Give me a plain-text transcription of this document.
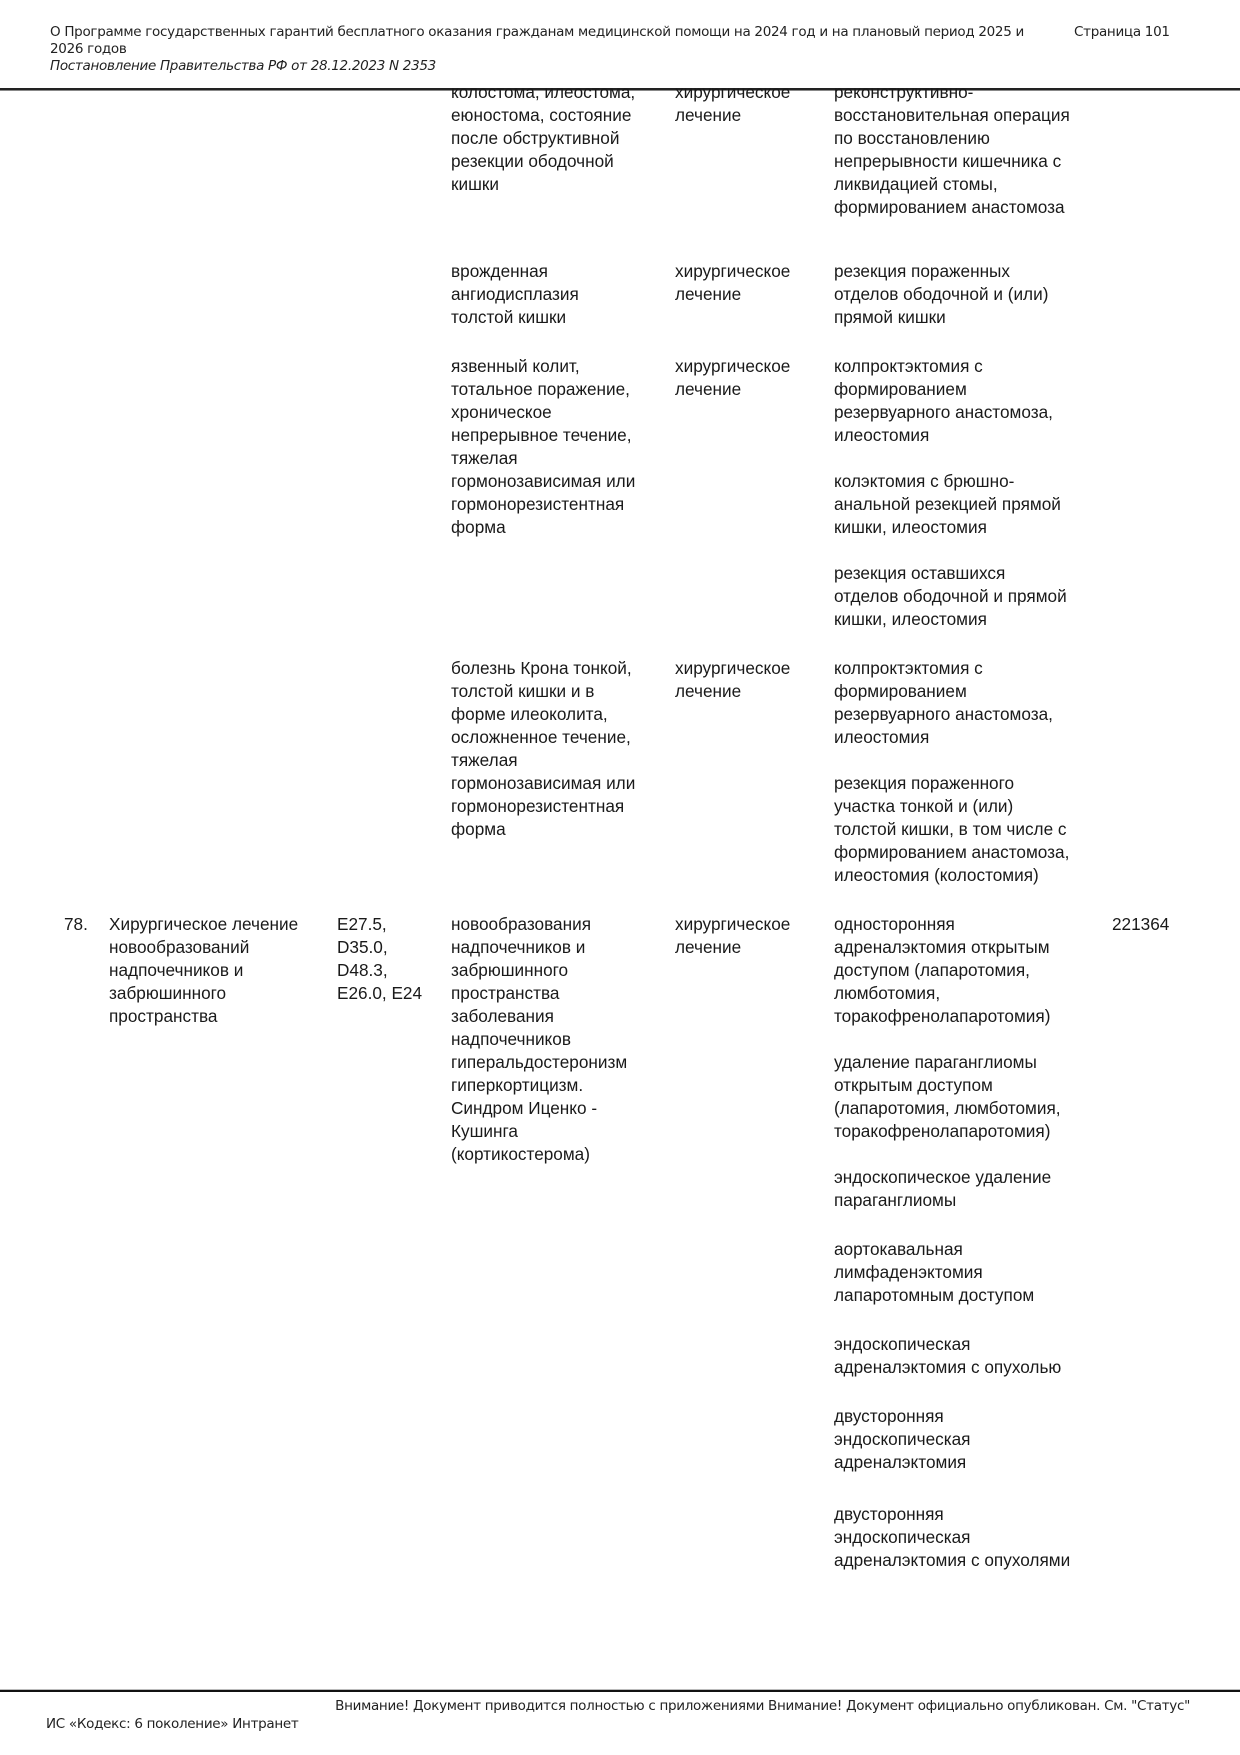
О Программе государственных гарантий бесплатного оказания гражданам медицинской помощи на 2024 год и на плановый период 2025 и 2026 годов
Постановление Правительства РФ от 28.12.2023 N 2353
Страница 101
колостома, илеостома,
еюностома, состояние
после обструктивной
резекции ободочной
кишки
хирургическое
лечение
реконструктивно-
восстановительная операция
по восстановлению
непрерывности кишечника с
ликвидацией стомы,
формированием анастомоза
врожденная
ангиодисплазия
толстой кишки
хирургическое
лечение
резекция пораженных
отделов ободочной и (или)
прямой кишки
язвенный колит,
тотальное поражение,
хроническое
непрерывное течение,
тяжелая
гормонозависимая или
гормонорезистентная
форма
хирургическое
лечение
колпроктэктомия с
формированием
резервуарного анастомоза,
илеостомия
колэктомия с брюшно-
анальной резекцией прямой
кишки, илеостомия
резекция оставшихся
отделов ободочной и прямой
кишки, илеостомия
болезнь Крона тонкой,
толстой кишки и в
форме илеоколита,
осложненное течение,
тяжелая
гормонозависимая или
гормонорезистентная
форма
хирургическое
лечение
колпроктэктомия с
формированием
резервуарного анастомоза,
илеостомия
резекция пораженного
участка тонкой и (или)
толстой кишки, в том числе с
формированием анастомоза,
илеостомия (колостомия)
78.	Хирургическое лечение
новообразований
надпочечников и
забрюшинного
пространства
E27.5,
D35.0,
D48.3,
E26.0, E24
новообразования
надпочечников и
забрюшинного
пространства
заболевания
надпочечников
гиперальдостеронизм
гиперкортицизм.
Синдром Иценко -
Кушинга
(кортикостерома)
хирургическое
лечение
односторонняя
адреналэктомия открытым
доступом (лапаротомия,
люмботомия,
торакофренолапаротомия)
221364
удаление параганглиомы
открытым доступом
(лапаротомия, люмботомия,
торакофренолапаротомия)
эндоскопическое удаление
параганглиомы
аортокавальная
лимфаденэктомия
лапаротомным доступом
эндоскопическая
адреналэктомия с опухолью
двусторонняя
эндоскопическая
адреналэктомия
двусторонняя
эндоскопическая
адреналэктомия с опухолями
Внимание! Документ приводится полностью с приложениями Внимание! Документ официально опубликован. См. "Статус"
ИС «Кодекс: 6 поколение» Интранет
